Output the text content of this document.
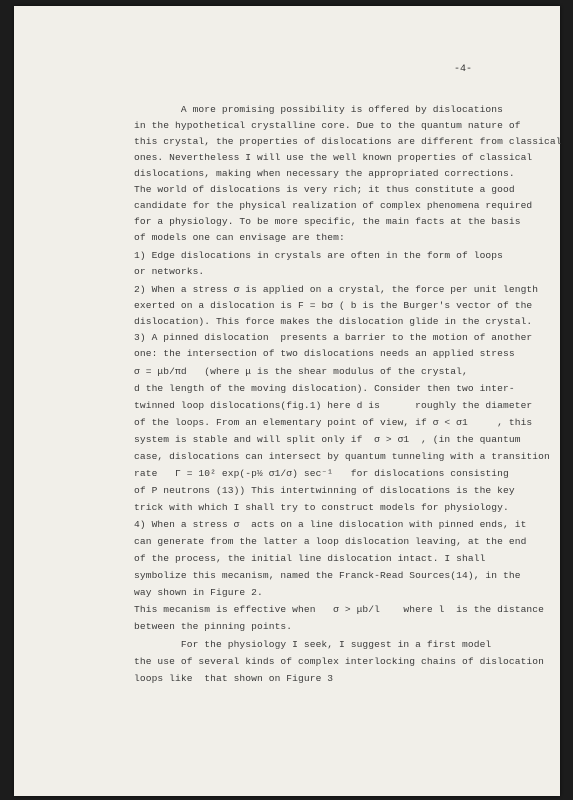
-4-
A more promising possibility is offered by dislocations
in the hypothetical crystalline core. Due to the quantum nature of
this crystal, the properties of dislocations are different from classical
ones. Nevertheless I will use the well known properties of classical
dislocations, making when necessary the appropriated corrections.
The world of dislocations is very rich; it thus constitute a good
candidate for the physical realization of complex phenomena required
for a physiology. To be more specific, the main facts at the basis
of models one can envisage are them:
1) Edge dislocations in crystals are often in the form of loops
or networks.
2) When a stress σ is applied on a crystal, the force per unit length
exerted on a dislocation is F = bσ ( b is the Burger's vector of the
dislocation). This force makes the dislocation glide in the crystal.
3) A pinned dislocation  presents a barrier to the motion of another
one: the intersection of two dislocations needs an applied stress
σ = μb/πd   (where μ is the shear modulus of the crystal,
d the length of the moving dislocation). Consider then two inter-
twinned loop dislocations(fig.1) here d is      roughly the diameter
of the loops. From an elementary point of view, if σ < σ1     , this
system is stable and will split only if  σ > σ1  , (in the quantum
case, dislocations can intersect by quantum tunneling with a transition
rate   Γ = 10² exp(-p½ σ1/σ) sec⁻¹   for dislocations consisting
of P neutrons (13)) This intertwinning of dislocations is the key
trick with which I shall try to construct models for physiology.
4) When a stress σ  acts on a line dislocation with pinned ends, it
can generate from the latter a loop dislocation leaving, at the end
of the process, the initial line dislocation intact. I shall
symbolize this mecanism, named the Franck-Read Sources(14), in the
way shown in Figure 2.
This mecanism is effective when   σ > μb/l    where l  is the distance
between the pinning points.
For the physiology I seek, I suggest in a first model
the use of several kinds of complex interlocking chains of dislocation
loops like  that shown on Figure 3
